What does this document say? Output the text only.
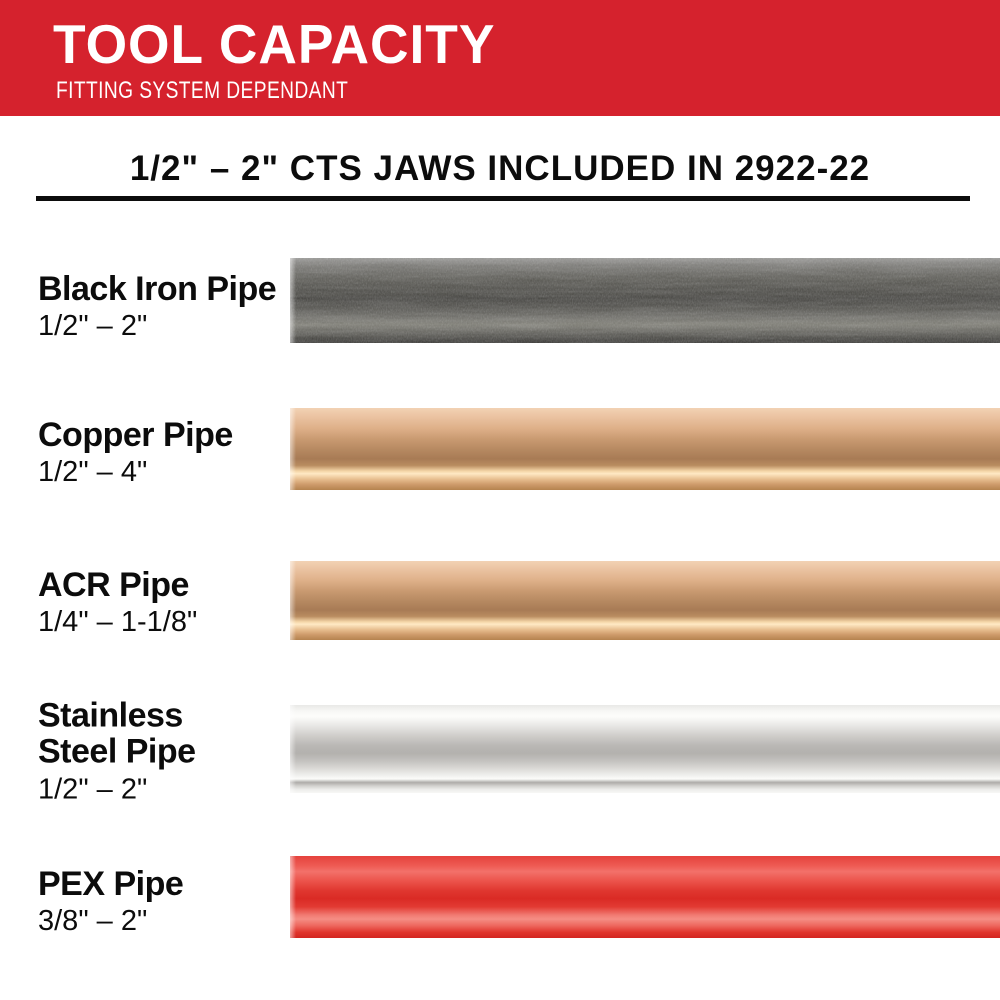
TOOL CAPACITY
FITTING SYSTEM DEPENDANT
1/2" – 2" CTS JAWS INCLUDED IN 2922-22
Black Iron Pipe
1/2" – 2"
Copper Pipe
1/2" – 4"
ACR Pipe
1/4" – 1-1/8"
Stainless Steel Pipe
1/2" – 2"
PEX Pipe
3/8" – 2"
